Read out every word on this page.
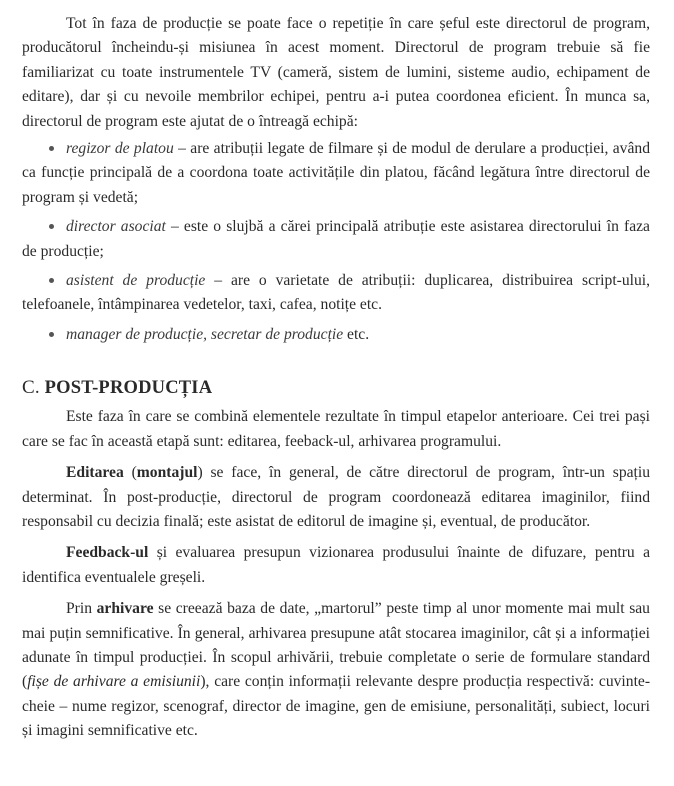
Tot în faza de producție se poate face o repetiție în care șeful este directorul de program, producătorul încheindu-și misiunea în acest moment. Directorul de program trebuie să fie familiarizat cu toate instrumentele TV (cameră, sistem de lumini, sisteme audio, echipament de editare), dar și cu nevoile membrilor echipei, pentru a-i putea coordonea eficient. În munca sa, directorul de program este ajutat de o întreagă echipă:

regizor de platou – are atribuții legate de filmare și de modul de derulare a producției, având ca funcție principală de a coordona toate activitățile din platou, făcând legătura între directorul de program și vedetă;
director asociat – este o slujbă a cărei principală atribuție este asistarea directorului în faza de producție;
asistent de producție – are o varietate de atribuții: duplicarea, distribuirea script-ului, telefoanele, întâmpinarea vedetelor, taxi, cafea, notițe etc.
manager de producție, secretar de producție etc.
C. POST-PRODUCȚIA

Este faza în care se combină elementele rezultate în timpul etapelor anterioare. Cei trei pași care se fac în această etapă sunt: editarea, feeback-ul, arhivarea programului.

Editarea (montajul) se face, în general, de către directorul de program, într-un spațiu determinat. În post-producție, directorul de program coordonează editarea imaginilor, fiind responsabil cu decizia finală; este asistat de editorul de imagine și, eventual, de producător.

Feedback-ul și evaluarea presupun vizionarea produsului înainte de difuzare, pentru a identifica eventualele greșeli.

Prin arhivare se creează baza de date, „martorul” peste timp al unor momente mai mult sau mai puțin semnificative. În general, arhivarea presupune atât stocarea imaginilor, cât și a informației adunate în timpul producției. În scopul arhivării, trebuie completate o serie de formulare standard (fișe de arhivare a emisiunii), care conțin informații relevante despre producția respectivă: cuvinte-cheie – nume regizor, scenograf, director de imagine, gen de emisiune, personalități, subiect, locuri și imagini semnificative etc.
